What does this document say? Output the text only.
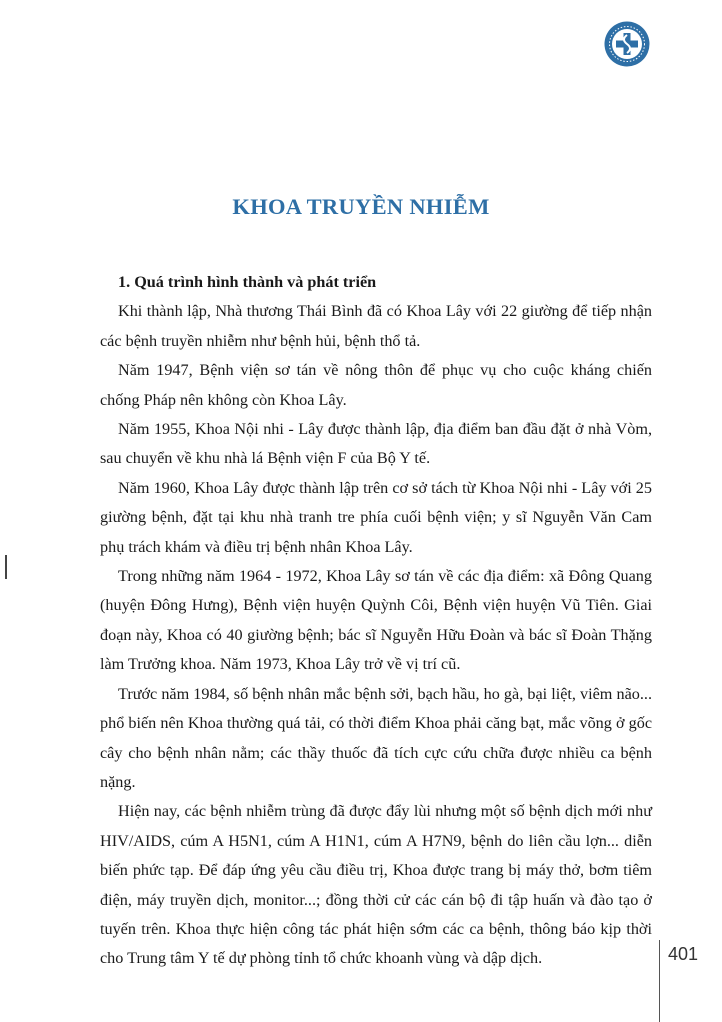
KHOA TRUYỀN NHIỄM
1. Quá trình hình thành và phát triển

Khi thành lập, Nhà thương Thái Bình đã có Khoa Lây với 22 giường để tiếp nhận các bệnh truyền nhiễm như bệnh hủi, bệnh thổ tả.

Năm 1947, Bệnh viện sơ tán về nông thôn để phục vụ cho cuộc kháng chiến chống Pháp nên không còn Khoa Lây.

Năm 1955, Khoa Nội nhi - Lây được thành lập, địa điểm ban đầu đặt ở nhà Vòm, sau chuyển về khu nhà lá Bệnh viện F của Bộ Y tế.

Năm 1960, Khoa Lây được thành lập trên cơ sở tách từ Khoa Nội nhi - Lây với 25 giường bệnh, đặt tại khu nhà tranh tre phía cuối bệnh viện; y sĩ Nguyễn Văn Cam phụ trách khám và điều trị bệnh nhân Khoa Lây.

Trong những năm 1964 - 1972, Khoa Lây sơ tán về các địa điểm: xã Đông Quang (huyện Đông Hưng), Bệnh viện huyện Quỳnh Côi, Bệnh viện huyện Vũ Tiên. Giai đoạn này, Khoa có 40 giường bệnh; bác sĩ Nguyễn Hữu Đoàn và bác sĩ Đoàn Thặng làm Trưởng khoa. Năm 1973, Khoa Lây trở về vị trí cũ.

Trước năm 1984, số bệnh nhân mắc bệnh sởi, bạch hầu, ho gà, bại liệt, viêm não... phổ biến nên Khoa thường quá tải, có thời điểm Khoa phải căng bạt, mắc võng ở gốc cây cho bệnh nhân nằm; các thầy thuốc đã tích cực cứu chữa được nhiều ca bệnh nặng.

Hiện nay, các bệnh nhiễm trùng đã được đẩy lùi nhưng một số bệnh dịch mới như HIV/AIDS, cúm A H5N1, cúm A H1N1, cúm A H7N9, bệnh do liên cầu lợn... diễn biến phức tạp. Để đáp ứng yêu cầu điều trị, Khoa được trang bị máy thở, bơm tiêm điện, máy truyền dịch, monitor...; đồng thời cử các cán bộ đi tập huấn và đào tạo ở tuyến trên. Khoa thực hiện công tác phát hiện sớm các ca bệnh, thông báo kịp thời cho Trung tâm Y tế dự phòng tỉnh tổ chức khoanh vùng và dập dịch.	401
